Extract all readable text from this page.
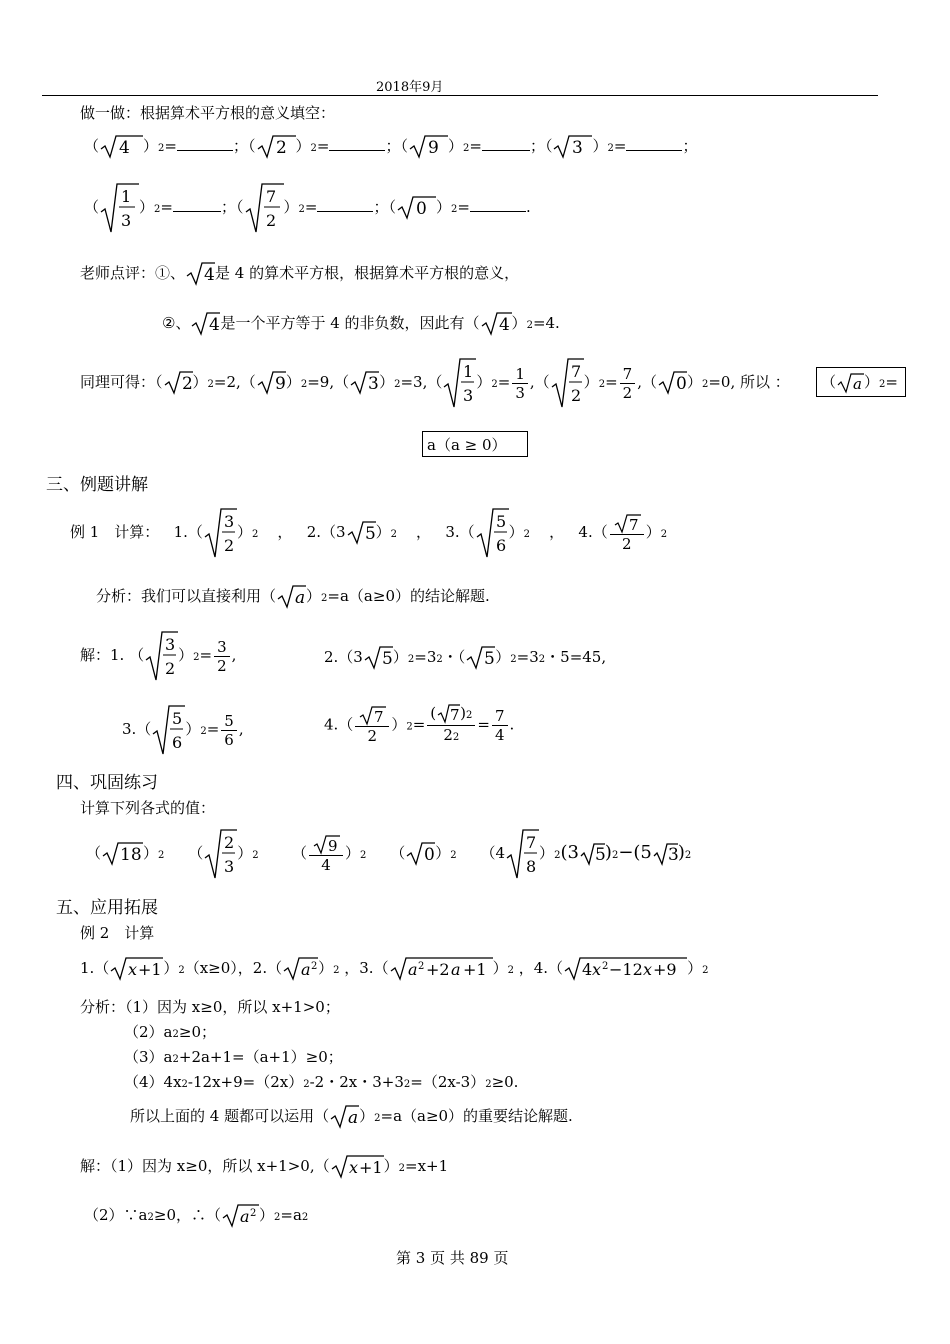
2018年9月
做一做：根据算术平方根的意义填空：
（ 4 ）2=	；（ 2 ）2=	；（ 9 ）2=	；（ 3 ）2=	；
（
1
3
）2=	；（
7
2
）2=	；（ 0 ）2=	.
老师点评：①、 4 是 4 的算术平方根，根据算术平方根的意义，
②、 4 是一个平方等于 4 的非负数，因此有（ 4 ）2=4.
同理可得：（ 2 ）2=2,（ 9 ）2=9,（ 3 ）2=3,（
1
3
）$2= \frac{1}{3}$ ,（
7
2
）$2= \frac{7}{2}$ ,（ 0 ）2=0, 所以 ： （ a ）2=
a（a ≥ 0）
三、例题讲解
例 1　计算：   1.（
3
2
）2    ，   2.（3 5 ）2    ，   3.（
5
6
）2    ，   $4.( \frac{7}{2} )2$
分析：我们可以直接利用（ a ）2=a（a≥0）的结论解题.
解：1. （
3
2
）$2= \frac{3}{2}$ ,	2.（3 5 ）2=32・（ 5 ）2=32・5=45,
3.（
5
6
）$2= \frac{5}{6}$ ,	$4.( \frac{7}{2} )2= \frac{( 7 )2}{22} = \frac{7}{4}$ .
四、巩固练习
计算下列各式的值：
（ 18 ）2     （
2
3
）2       （ $\frac{9}{4} )2$     （ 0 ）2     （4
7
8
）2(3 5 )2−(5 3 )2
五、应用拓展
例 2　计算
1.（ x +1 ）2（x≥0），2.（ a 2 ）2 ，3.（ a 2 +2 a +1 ）2 ，4.（ 4 x 2 −12 x +9 ）2
分析：（1）因为 x≥0，所以 x+1>0；
（2）a2≥0；
（3）a2+2a+1=（a+1）≥0；
（4）4x2-12x+9=（2x）2-2・2x・3+32=（2x-3）2≥0.
所以上面的 4 题都可以运用（ a ）2=a（a≥0）的重要结论解题.
解：（1）因为 x≥0，所以 x+1>0,（ x +1 ）2=x+1
（2）∵a2≥0，∴（ a 2 ）2=a2
第 3 页 共 89 页
